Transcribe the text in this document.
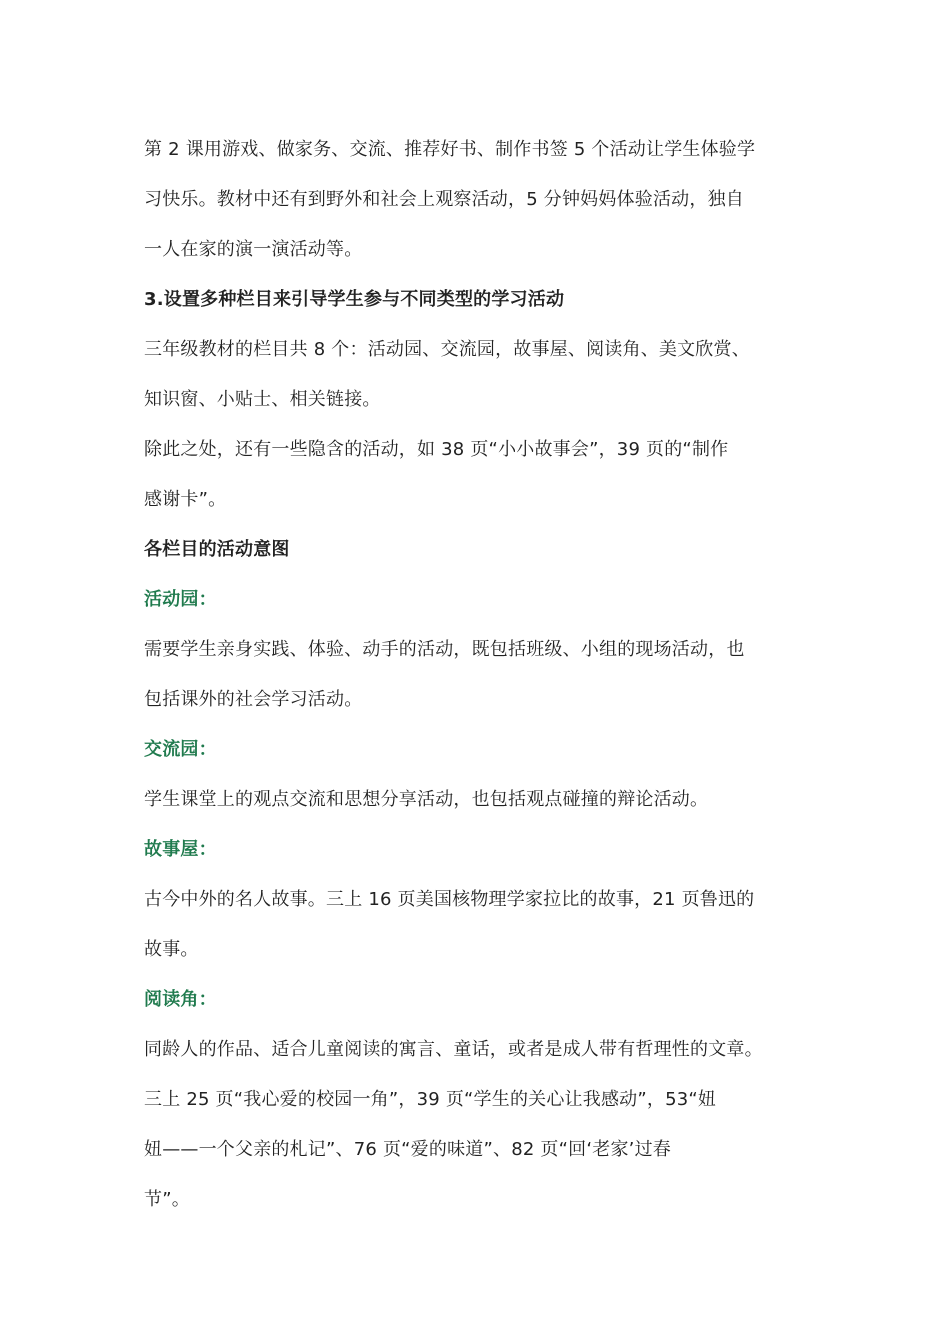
第 2 课用游戏、做家务、交流、推荐好书、制作书签 5 个活动让学生体验学
习快乐。教材中还有到野外和社会上观察活动，5 分钟妈妈体验活动，独自
一人在家的演一演活动等。
3.设置多种栏目来引导学生参与不同类型的学习活动
三年级教材的栏目共 8 个：活动园、交流园，故事屋、阅读角、美文欣赏、
知识窗、小贴士、相关链接。
除此之处，还有一些隐含的活动，如 38 页“小小故事会”，39 页的“制作
感谢卡”。
各栏目的活动意图
活动园：
需要学生亲身实践、体验、动手的活动，既包括班级、小组的现场活动，也
包括课外的社会学习活动。
交流园：
学生课堂上的观点交流和思想分享活动，也包括观点碰撞的辩论活动。
故事屋：
古今中外的名人故事。三上 16 页美国核物理学家拉比的故事，21 页鲁迅的
故事。
阅读角：
同龄人的作品、适合儿童阅读的寓言、童话，或者是成人带有哲理性的文章。
三上 25 页“我心爱的校园一角”，39 页“学生的关心让我感动”，53“妞
妞——一个父亲的札记”、76 页“爱的味道”、82 页“回‘老家’过春
节”。
